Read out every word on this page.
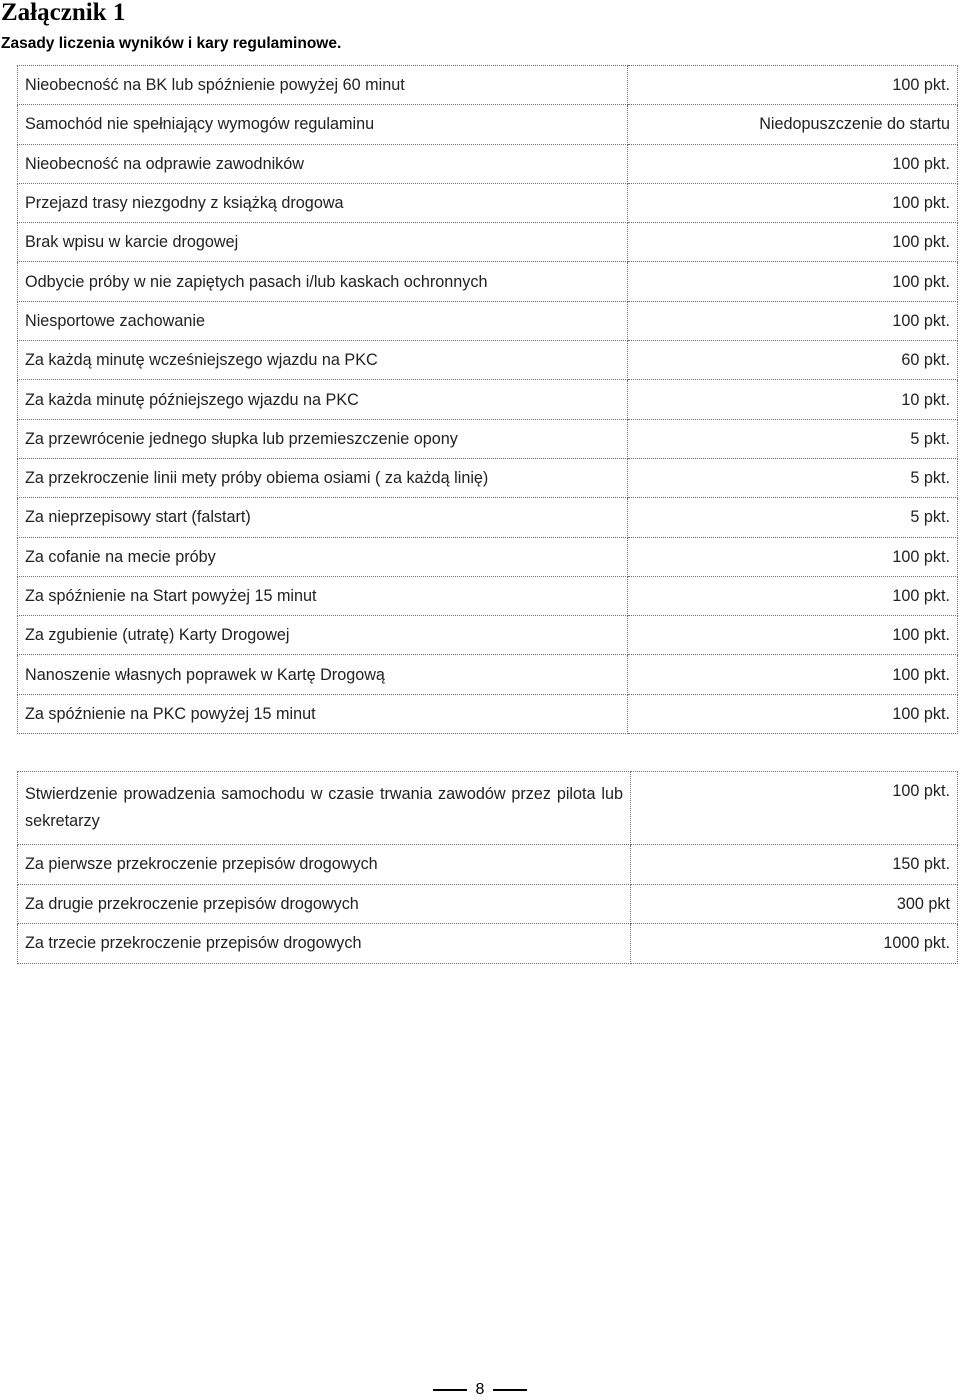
Załącznik 1

Zasady liczenia wyników i kary regulaminowe.

Nieobecność na BK lub spóźnienie powyżej 60 minut	100 pkt.
Samochód nie spełniający wymogów regulaminu	Niedopuszczenie do startu
Nieobecność na odprawie zawodników	100 pkt.
Przejazd trasy niezgodny z książką drogowa	100 pkt.
Brak wpisu w karcie drogowej	100 pkt.
Odbycie próby w nie zapiętych pasach i/lub kaskach ochronnych	100 pkt.
Niesportowe zachowanie	100 pkt.
Za każdą minutę wcześniejszego wjazdu na PKC	60 pkt.
Za każda minutę późniejszego wjazdu na PKC	10 pkt.
Za przewrócenie jednego słupka lub przemieszczenie opony	5 pkt.
Za przekroczenie linii mety próby obiema osiami ( za każdą linię)	5 pkt.
Za nieprzepisowy start (falstart)	5 pkt.
Za cofanie na mecie próby	100 pkt.
Za spóźnienie na Start powyżej 15 minut	100 pkt.
Za zgubienie (utratę) Karty Drogowej	100 pkt.
Nanoszenie własnych poprawek w Kartę Drogową	100 pkt.
Za spóźnienie na PKC powyżej 15 minut	100 pkt.
Stwierdzenie prowadzenia samochodu w czasie trwania zawodów przez pilota lub sekretarzy	100 pkt.
Za pierwsze przekroczenie przepisów drogowych	150 pkt.
Za drugie przekroczenie przepisów drogowych	300 pkt
Za trzecie przekroczenie przepisów drogowych	1000 pkt.
8
